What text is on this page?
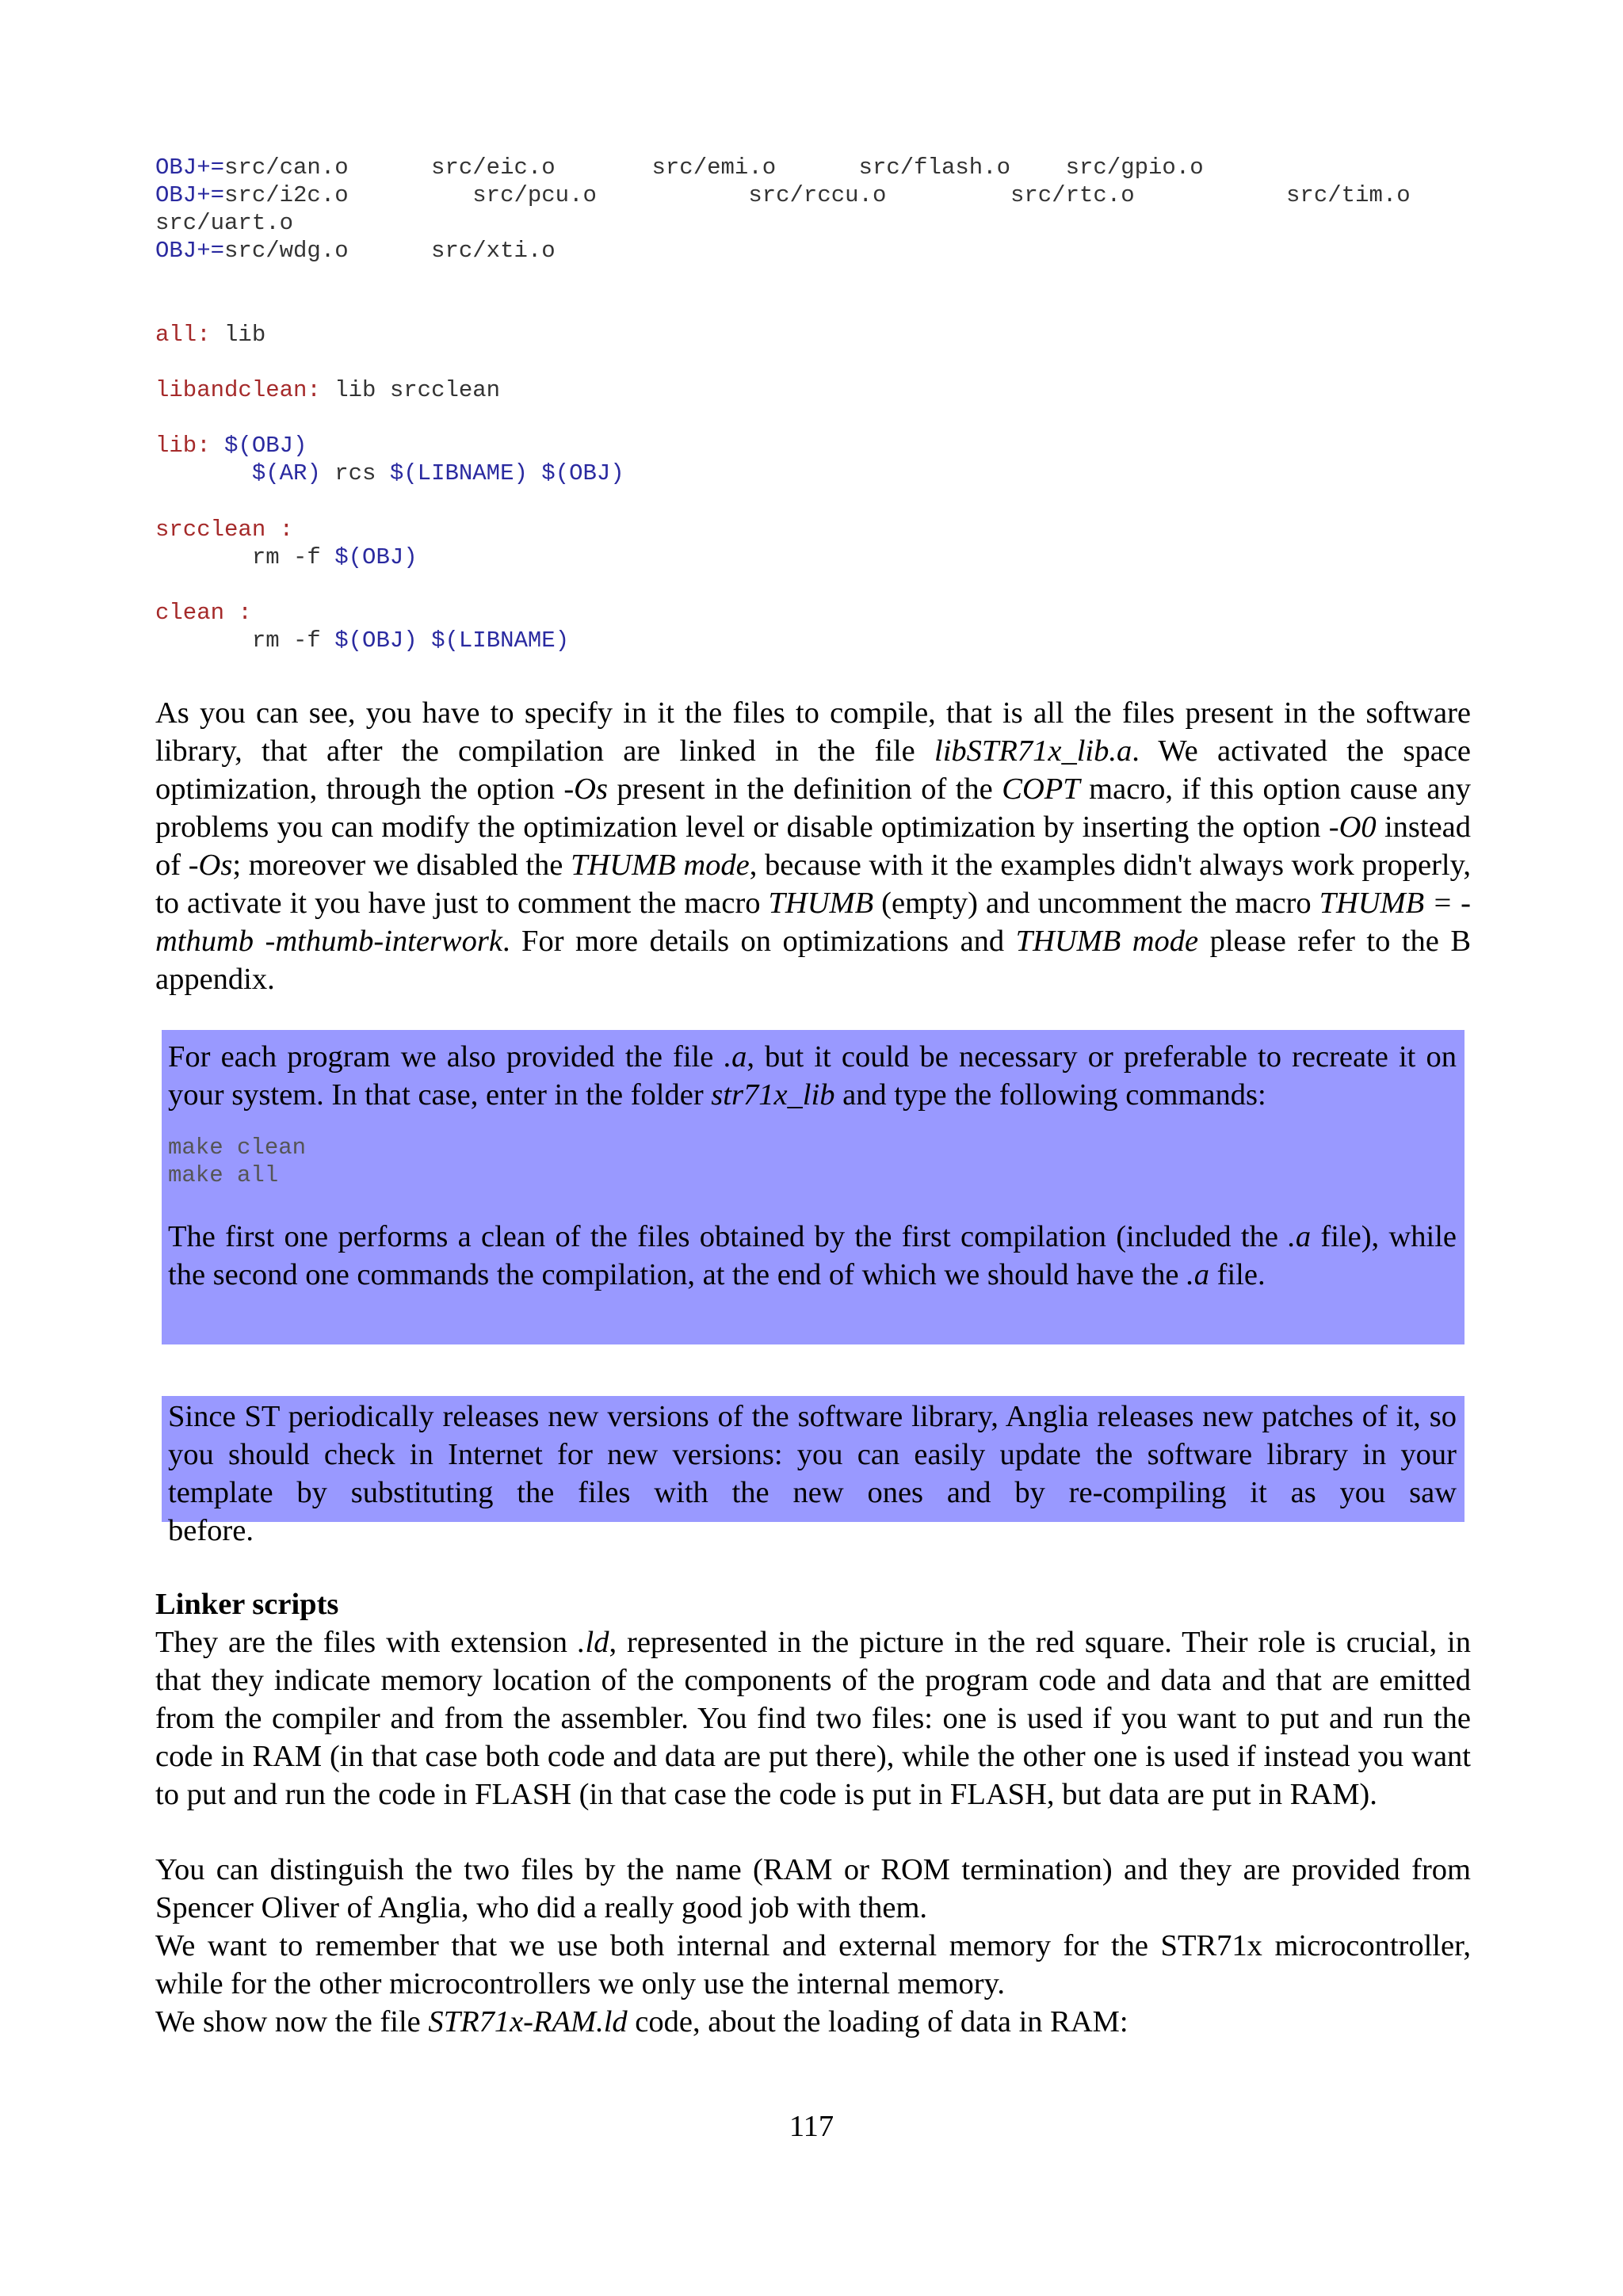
OBJ+=src/can.o      src/eic.o       src/emi.o      src/flash.o    src/gpio.o
OBJ+=src/i2c.o         src/pcu.o           src/rccu.o         src/rtc.o           src/tim.o
src/uart.o
OBJ+=src/wdg.o      src/xti.o
all: lib
libandclean: lib srcclean
lib: $(OBJ)
$(AR) rcs $(LIBNAME) $(OBJ)
srcclean :
rm -f $(OBJ)
clean :
rm -f $(OBJ) $(LIBNAME)
As you can see, you have to specify in it the files to compile, that is all the files present in the software library, that after the compilation are linked in the file libSTR71x_lib.a. We activated the space optimization, through the option -Os present in the definition of the COPT macro, if this option cause any problems you can modify the optimization level or disable optimization by inserting the option -O0 instead of -Os; moreover we disabled the THUMB mode, because with it the examples didn't always work properly, to activate it you have just to comment the macro THUMB (empty) and uncomment the macro THUMB = -mthumb -mthumb-interwork. For more details on optimizations and THUMB mode please refer to the B appendix.
For each program we also provided the file .a, but it could be necessary or preferable to recreate it on your system. In that case, enter in the folder str71x_lib and type the following commands:
make clean
make all
The first one performs a clean of the files obtained by the first compilation (included the .a file), while the second one commands the compilation, at the end of which we should have the .a file.
Since ST periodically releases new versions of the software library, Anglia releases new patches of it, so you should check in Internet for new versions: you can easily update the software library in your template by substituting the files with the new ones and by re-compiling it as you saw
before.
Linker scripts
They are the files with extension .ld, represented in the picture in the red square. Their role is crucial, in that they indicate memory location of the components of the program code and data and that are emitted from the compiler and from the assembler. You find two files: one is used if you want to put and run the code in RAM (in that case both code and data are put there), while the other one is used if instead you want to put and run the code in FLASH (in that case the code is put in FLASH, but data are put in RAM).
You can distinguish the two files by the name (RAM or ROM termination) and they are provided from Spencer Oliver of Anglia, who did a really good job with them.
We want to remember that we use both internal and external memory for the STR71x microcontroller, while for the other microcontrollers we only use the internal memory.
We show now the file STR71x-RAM.ld code, about the loading of data in RAM:
117
